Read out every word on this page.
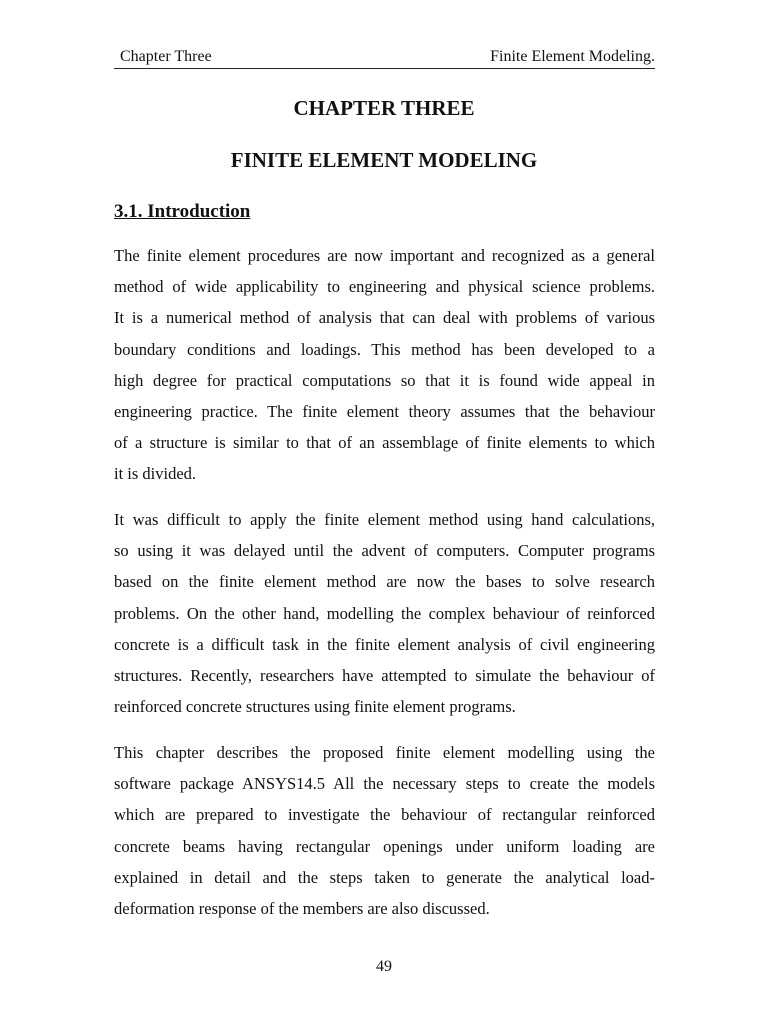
Chapter Three	Finite Element Modeling.
CHAPTER THREE
FINITE ELEMENT MODELING
3.1. Introduction
The finite element procedures are now important and recognized as a general
method of wide applicability to engineering and physical science problems.
It is a numerical method of analysis that can deal with problems of various
boundary conditions and loadings. This method has been developed to a
high degree for practical computations so that it is found wide appeal in
engineering practice. The finite element theory assumes that the behaviour
of a structure is similar to that of an assemblage of finite elements to which
it is divided.
It was difficult to apply the finite element method using hand calculations,
so using it was delayed until the advent of computers. Computer programs
based on the finite element method are now the bases to solve research
problems. On the other hand, modelling the complex behaviour of reinforced
concrete is a difficult task in the finite element analysis of civil engineering
structures. Recently, researchers have attempted to simulate the behaviour of
reinforced concrete structures using finite element programs.
This chapter describes the proposed finite element modelling using the
software package ANSYS14.5 All the necessary steps to create the models
which are prepared to investigate the behaviour of rectangular reinforced
concrete beams having rectangular openings under uniform loading are
explained in detail and the steps taken to generate the analytical load-
deformation response of the members are also discussed.
49
